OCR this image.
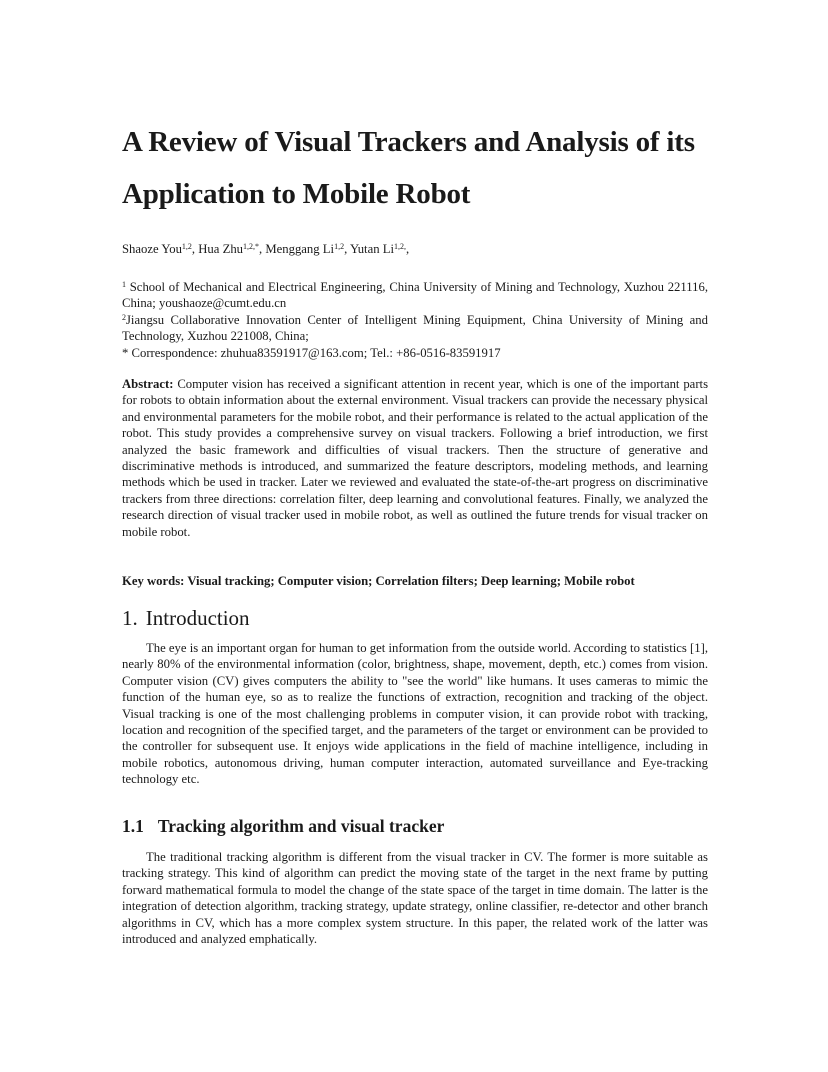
A Review of Visual Trackers and Analysis of its
Application to Mobile Robot
Shaoze You$^{1,2}$, Hua Zhu$^{1,2,*}$, Menggang Li$^{1,2}$, Yutan $Li^{1,2,}$,

$^1$ School of Mechanical and Electrical Engineering, China University of Mining and Technology, Xuzhou 221116, China; youshaoze@cumt.edu.cn

$^2$Jiangsu Collaborative Innovation Center of Intelligent Mining Equipment, China University of Mining and Technology, Xuzhou 221008, China;

* Correspondence: zhuhua83591917@163.com; Tel.: +86-0516-83591917

Abstract: Computer vision has received a significant attention in recent year, which is one of the important parts for robots to obtain information about the external environment. Visual trackers can provide the necessary physical and environmental parameters for the mobile robot, and their performance is related to the actual application of the robot. This study provides a comprehensive survey on visual trackers. Following a brief introduction, we first analyzed the basic framework and difficulties of visual trackers. Then the structure of generative and discriminative methods is introduced, and summarized the feature descriptors, modeling methods, and learning methods which be used in tracker. Later we reviewed and evaluated the state-of-the-art progress on discriminative trackers from three directions: correlation filter, deep learning and convolutional features. Finally, we analyzed the research direction of visual tracker used in mobile robot, as well as outlined the future trends for visual tracker on mobile robot.

Key words: Visual tracking; Computer vision; Correlation filters; Deep learning; Mobile robot

1. Introduction

The eye is an important organ for human to get information from the outside world. According to statistics [1], nearly 80% of the environmental information (color, brightness, shape, movement, depth, etc.) comes from vision. Computer vision (CV) gives computers the ability to "see the world" like humans. It uses cameras to mimic the function of the human eye, so as to realize the functions of extraction, recognition and tracking of the object. Visual tracking is one of the most challenging problems in computer vision, it can provide robot with tracking, location and recognition of the specified target, and the parameters of the target or environment can be provided to the controller for subsequent use. It enjoys wide applications in the field of machine intelligence, including in mobile robotics, autonomous driving, human computer interaction, automated surveillance and Eye-tracking technology etc.

1.1 Tracking algorithm and visual tracker

The traditional tracking algorithm is different from the visual tracker in CV. The former is more suitable as tracking strategy. This kind of algorithm can predict the moving state of the target in the next frame by putting forward mathematical formula to model the change of the state space of the target in time domain. The latter is the integration of detection algorithm, tracking strategy, update strategy, online classifier, re-detector and other branch algorithms in CV, which has a more complex system structure. In this paper, the related work of the latter was introduced and analyzed emphatically.
